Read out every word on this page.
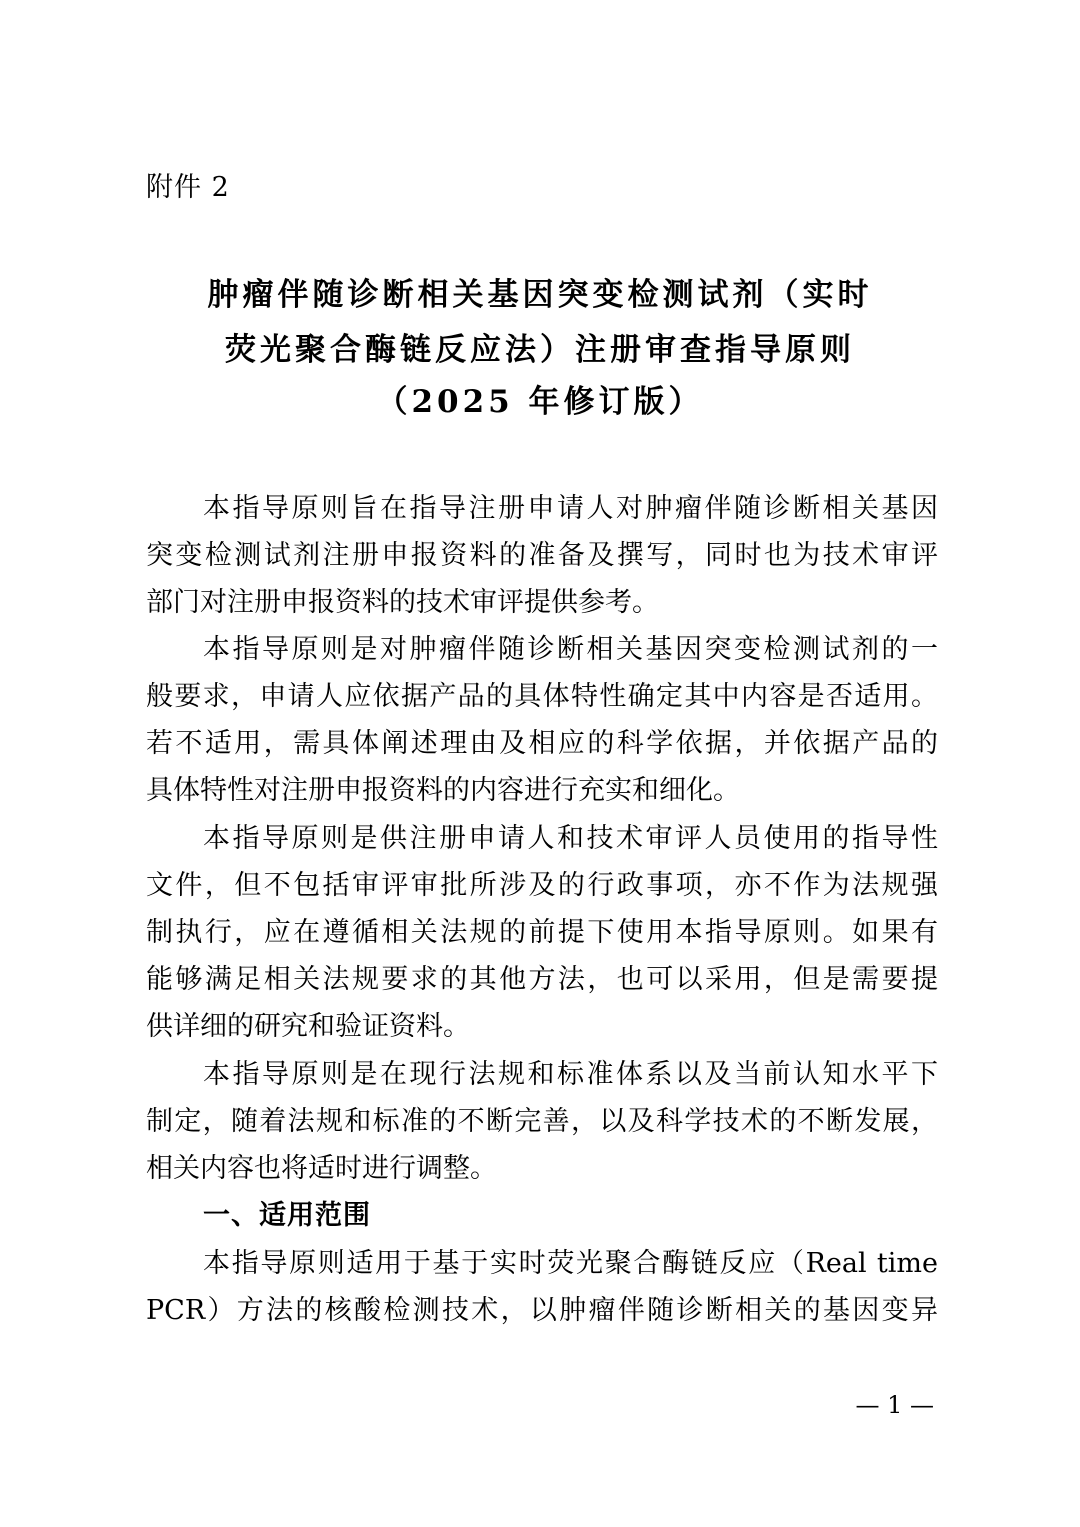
附件 2
肿瘤伴随诊断相关基因突变检测试剂（实时
荧光聚合酶链反应法）注册审查指导原则
（2025 年修订版）
本指导原则旨在指导注册申请人对肿瘤伴随诊断相关基因
突变检测试剂注册申报资料的准备及撰写，同时也为技术审评
部门对注册申报资料的技术审评提供参考。
本指导原则是对肿瘤伴随诊断相关基因突变检测试剂的一
般要求，申请人应依据产品的具体特性确定其中内容是否适用。
若不适用，需具体阐述理由及相应的科学依据，并依据产品的
具体特性对注册申报资料的内容进行充实和细化。
本指导原则是供注册申请人和技术审评人员使用的指导性
文件，但不包括审评审批所涉及的行政事项，亦不作为法规强
制执行，应在遵循相关法规的前提下使用本指导原则。如果有
能够满足相关法规要求的其他方法，也可以采用，但是需要提
供详细的研究和验证资料。
本指导原则是在现行法规和标准体系以及当前认知水平下
制定，随着法规和标准的不断完善，以及科学技术的不断发展，
相关内容也将适时进行调整。
一、适用范围
本指导原则适用于基于实时荧光聚合酶链反应（Real time
PCR）方法的核酸检测技术，以肿瘤伴随诊断相关的基因变异
— 1 —
